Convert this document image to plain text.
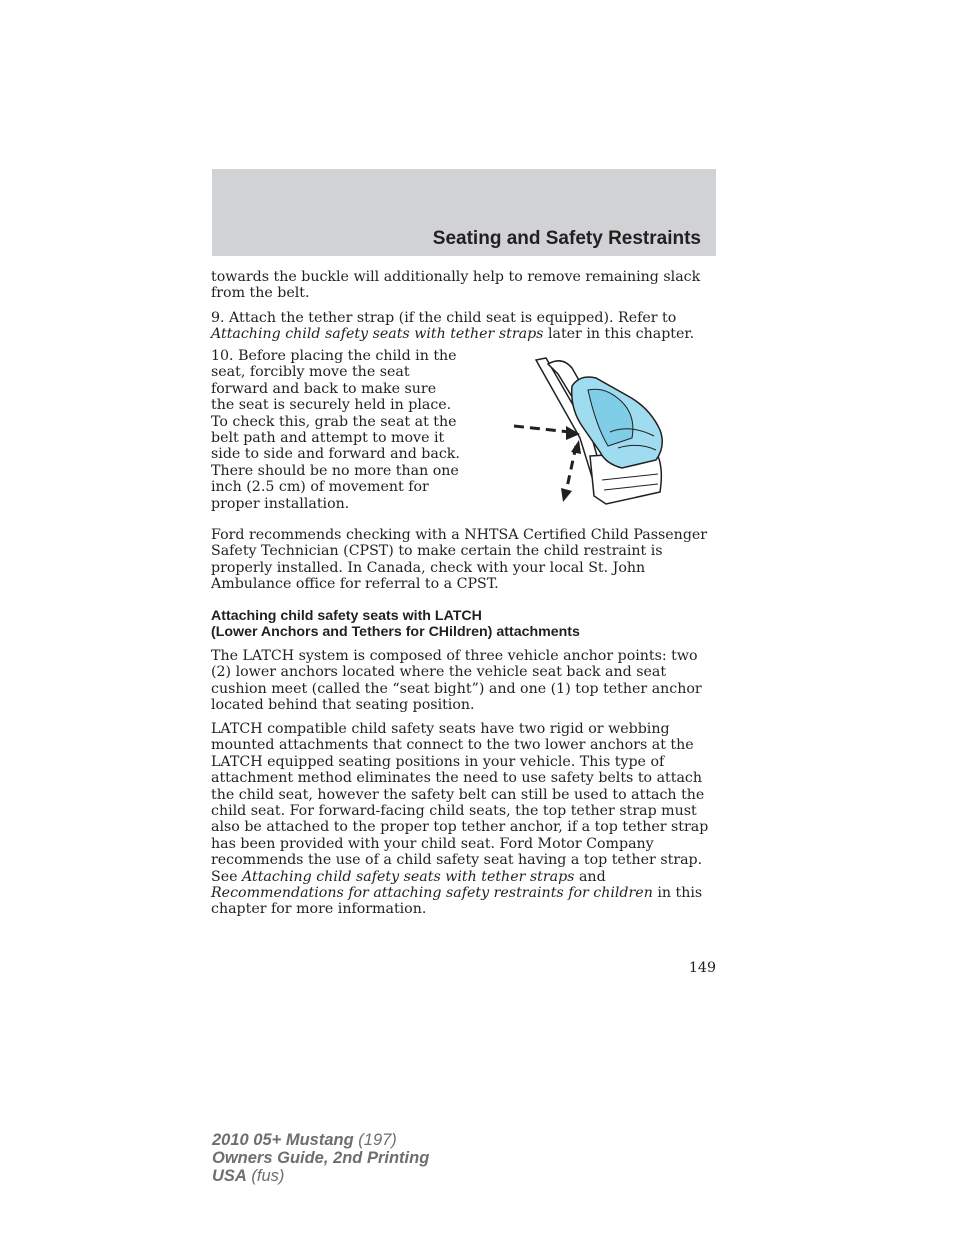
Seating and Safety Restraints

towards the buckle will additionally help to remove remaining slack from the belt.

9. Attach the tether strap (if the child seat is equipped). Refer to Attaching child safety seats with tether straps later in this chapter.

10. Before placing the child in the seat, forcibly move the seat forward and back to make sure the seat is securely held in place. To check this, grab the seat at the belt path and attempt to move it side to side and forward and back. There should be no more than one inch (2.5 cm) of movement for proper installation.

Ford recommends checking with a NHTSA Certified Child Passenger Safety Technician (CPST) to make certain the child restraint is properly installed. In Canada, check with your local St. John Ambulance office for referral to a CPST.

Attaching child safety seats with LATCH
(Lower Anchors and Tethers for CHildren) attachments

The LATCH system is composed of three vehicle anchor points: two (2) lower anchors located where the vehicle seat back and seat cushion meet (called the “seat bight”) and one (1) top tether anchor located behind that seating position.

LATCH compatible child safety seats have two rigid or webbing mounted attachments that connect to the two lower anchors at the LATCH equipped seating positions in your vehicle. This type of attachment method eliminates the need to use safety belts to attach the child seat, however the safety belt can still be used to attach the child seat. For forward-facing child seats, the top tether strap must also be attached to the proper top tether anchor, if a top tether strap has been provided with your child seat. Ford Motor Company recommends the use of a child safety seat having a top tether strap. See Attaching child safety seats with tether straps and Recommendations for attaching safety restraints for children in this chapter for more information.

149
2010 05+ Mustang (197)
Owners Guide, 2nd Printing
USA (fus)
